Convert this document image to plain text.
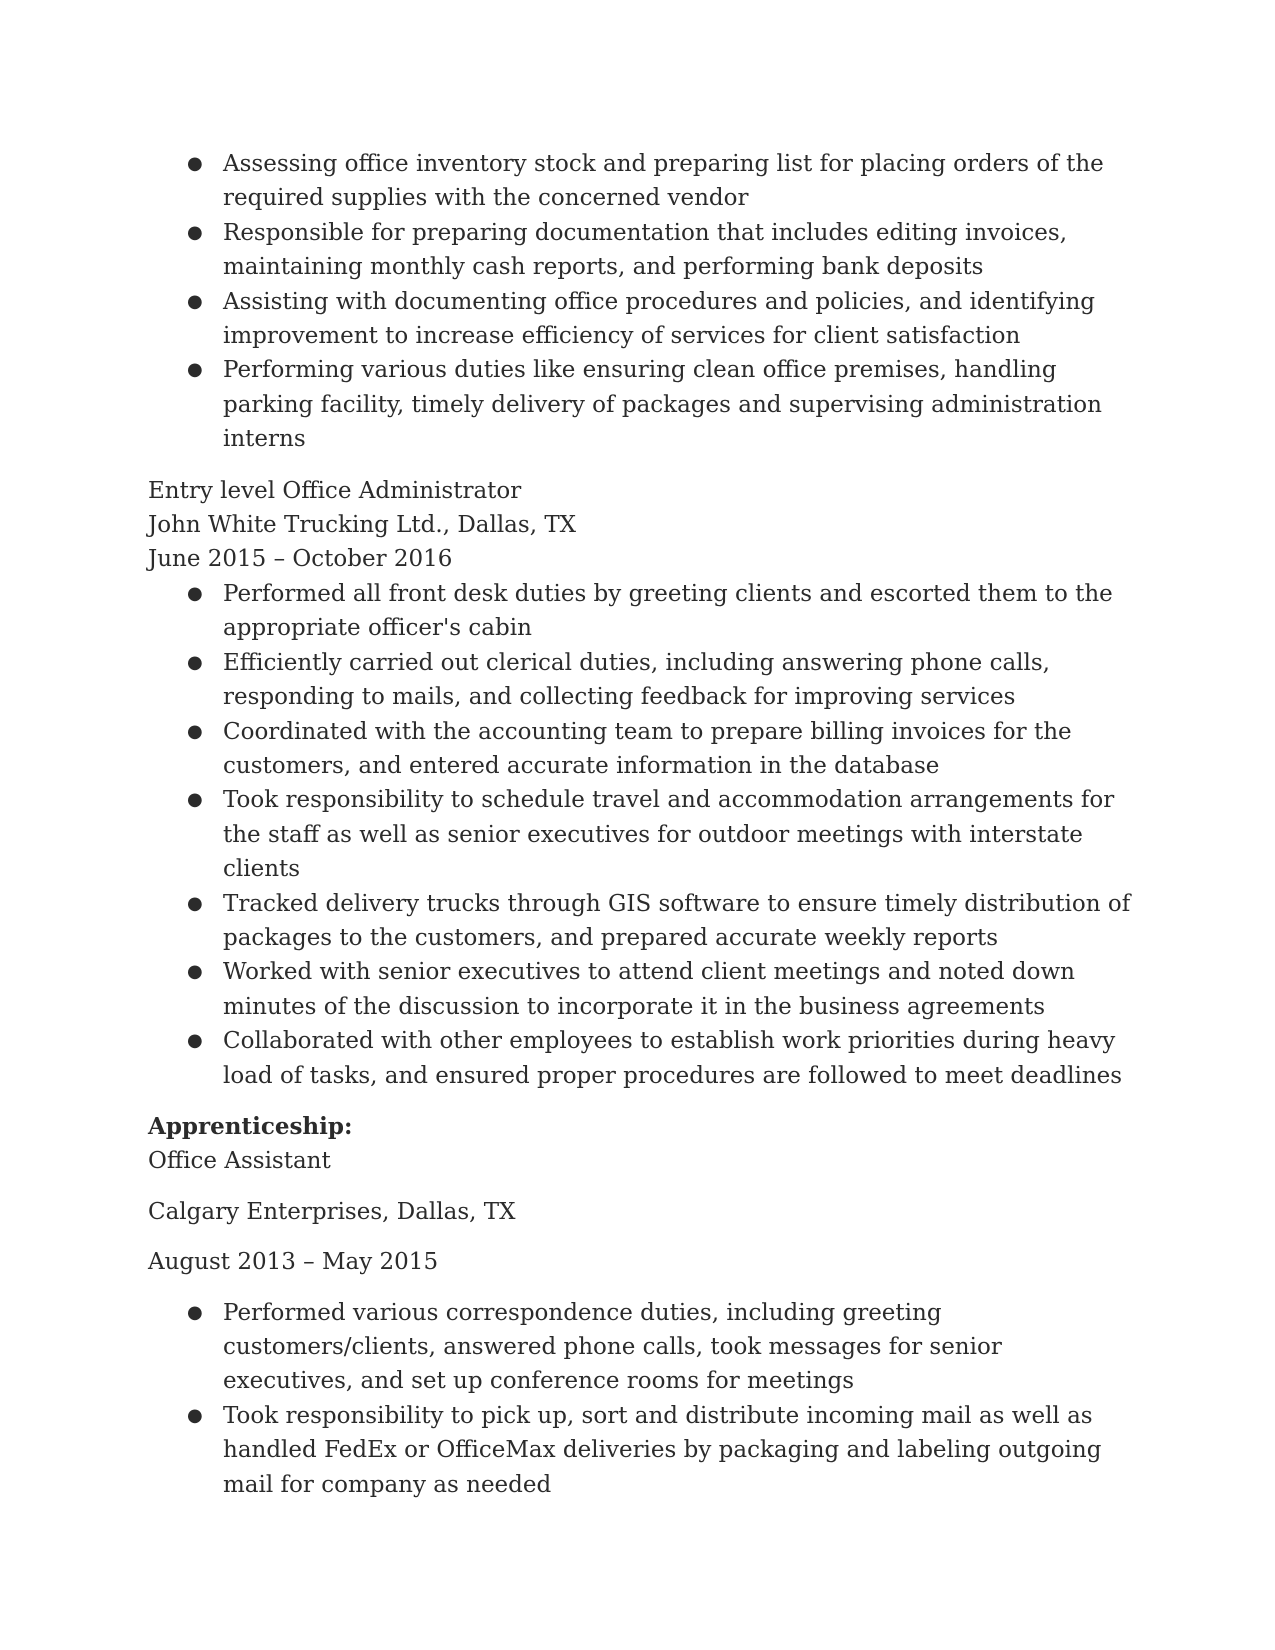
● Assessing office inventory stock and preparing list for placing orders of the required supplies with the concerned vendor
● Responsible for preparing documentation that includes editing invoices, maintaining monthly cash reports, and performing bank deposits
● Assisting with documenting office procedures and policies, and identifying improvement to increase efficiency of services for client satisfaction
● Performing various duties like ensuring clean office premises, handling parking facility, timely delivery of packages and supervising administration interns
Entry level Office Administrator
John White Trucking Ltd., Dallas, TX
June 2015 – October 2016
● Performed all front desk duties by greeting clients and escorted them to the appropriate officer's cabin
● Efficiently carried out clerical duties, including answering phone calls, responding to mails, and collecting feedback for improving services
● Coordinated with the accounting team to prepare billing invoices for the customers, and entered accurate information in the database
● Took responsibility to schedule travel and accommodation arrangements for the staff as well as senior executives for outdoor meetings with interstate clients
● Tracked delivery trucks through GIS software to ensure timely distribution of packages to the customers, and prepared accurate weekly reports
● Worked with senior executives to attend client meetings and noted down minutes of the discussion to incorporate it in the business agreements
● Collaborated with other employees to establish work priorities during heavy load of tasks, and ensured proper procedures are followed to meet deadlines
Apprenticeship:
Office Assistant
Calgary Enterprises, Dallas, TX
August 2013 – May 2015
● Performed various correspondence duties, including greeting customers/clients, answered phone calls, took messages for senior executives, and set up conference rooms for meetings
● Took responsibility to pick up, sort and distribute incoming mail as well as handled FedEx or OfficeMax deliveries by packaging and labeling outgoing mail for company as needed
